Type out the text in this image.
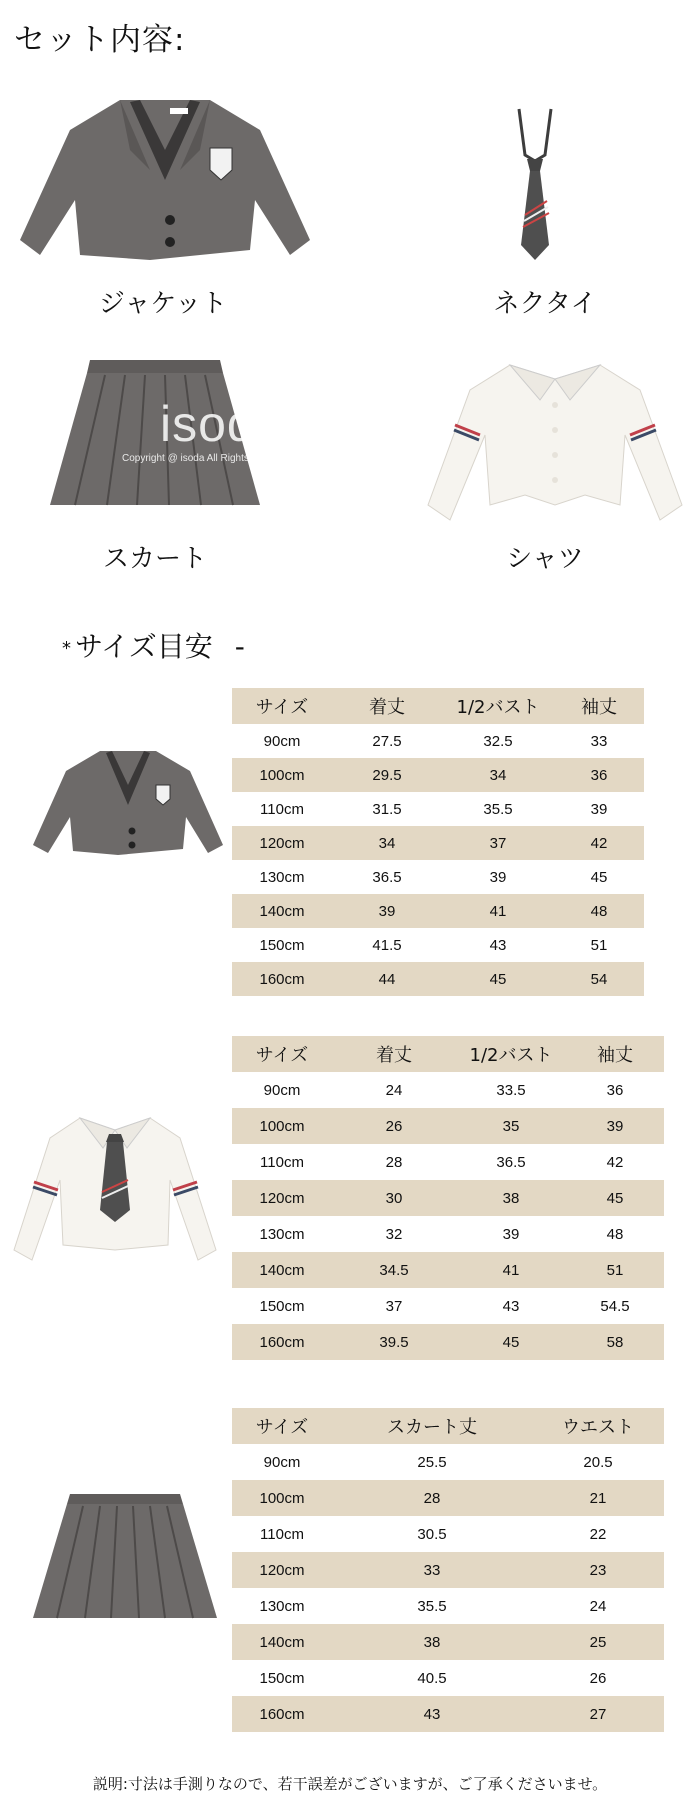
セット内容:
ジャケット	ネクタイ
isoda
Copyright @ isoda All Rights
スカート	シャツ
* サイズ目安 -
サイズ	着丈	1/2バスト	袖丈
90cm	27.5	32.5	33
100cm	29.5	34	36
110cm	31.5	35.5	39
120cm	34	37	42
130cm	36.5	39	45
140cm	39	41	48
150cm	41.5	43	51
160cm	44	45	54
サイズ	着丈	1/2バスト	袖丈
90cm	24	33.5	36
100cm	26	35	39
110cm	28	36.5	42
120cm	30	38	45
130cm	32	39	48
140cm	34.5	41	51
150cm	37	43	54.5
160cm	39.5	45	58
サイズ	スカート丈	ウエスト
90cm	25.5	20.5
100cm	28	21
110cm	30.5	22
120cm	33	23
130cm	35.5	24
140cm	38	25
150cm	40.5	26
160cm	43	27
説明:寸法は手測りなので、若干誤差がございますが、ご了承くださいませ。
